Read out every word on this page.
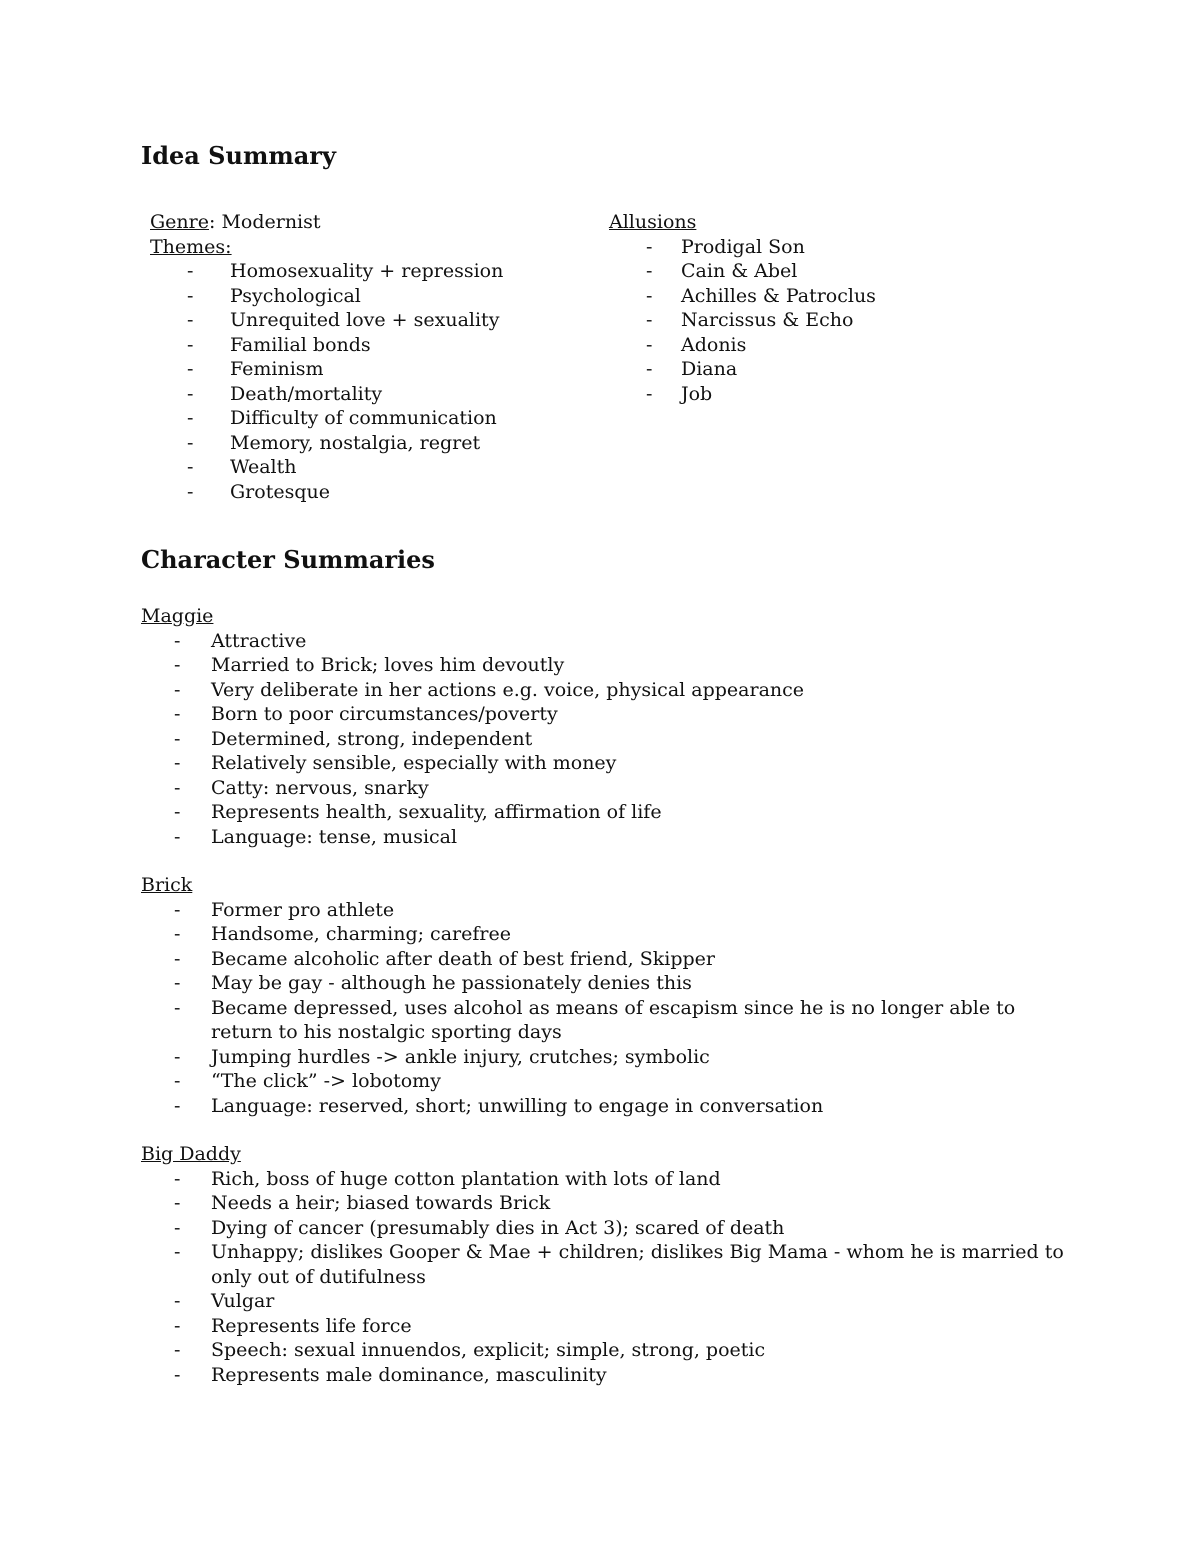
Idea Summary
Genre: Modernist
Themes:
- Homosexuality + repression
- Psychological
- Unrequited love + sexuality
- Familial bonds
- Feminism
- Death/mortality
- Difficulty of communication
- Memory, nostalgia, regret
- Wealth
- Grotesque
Allusions
- Prodigal Son
- Cain & Abel
- Achilles & Patroclus
- Narcissus & Echo
- Adonis
- Diana
- Job
Character Summaries
Maggie
- Attractive
- Married to Brick; loves him devoutly
- Very deliberate in her actions e.g. voice, physical appearance
- Born to poor circumstances/poverty
- Determined, strong, independent
- Relatively sensible, especially with money
- Catty: nervous, snarky
- Represents health, sexuality, affirmation of life
- Language: tense, musical
Brick
- Former pro athlete
- Handsome, charming; carefree
- Became alcoholic after death of best friend, Skipper
- May be gay - although he passionately denies this
- Became depressed, uses alcohol as means of escapism since he is no longer able to return to his nostalgic sporting days
- Jumping hurdles -> ankle injury, crutches; symbolic
- “The click” -> lobotomy
- Language: reserved, short; unwilling to engage in conversation
Big Daddy
- Rich, boss of huge cotton plantation with lots of land
- Needs a heir; biased towards Brick
- Dying of cancer (presumably dies in Act 3); scared of death
- Unhappy; dislikes Gooper & Mae + children; dislikes Big Mama - whom he is married to only out of dutifulness
- Vulgar
- Represents life force
- Speech: sexual innuendos, explicit; simple, strong, poetic
- Represents male dominance, masculinity
